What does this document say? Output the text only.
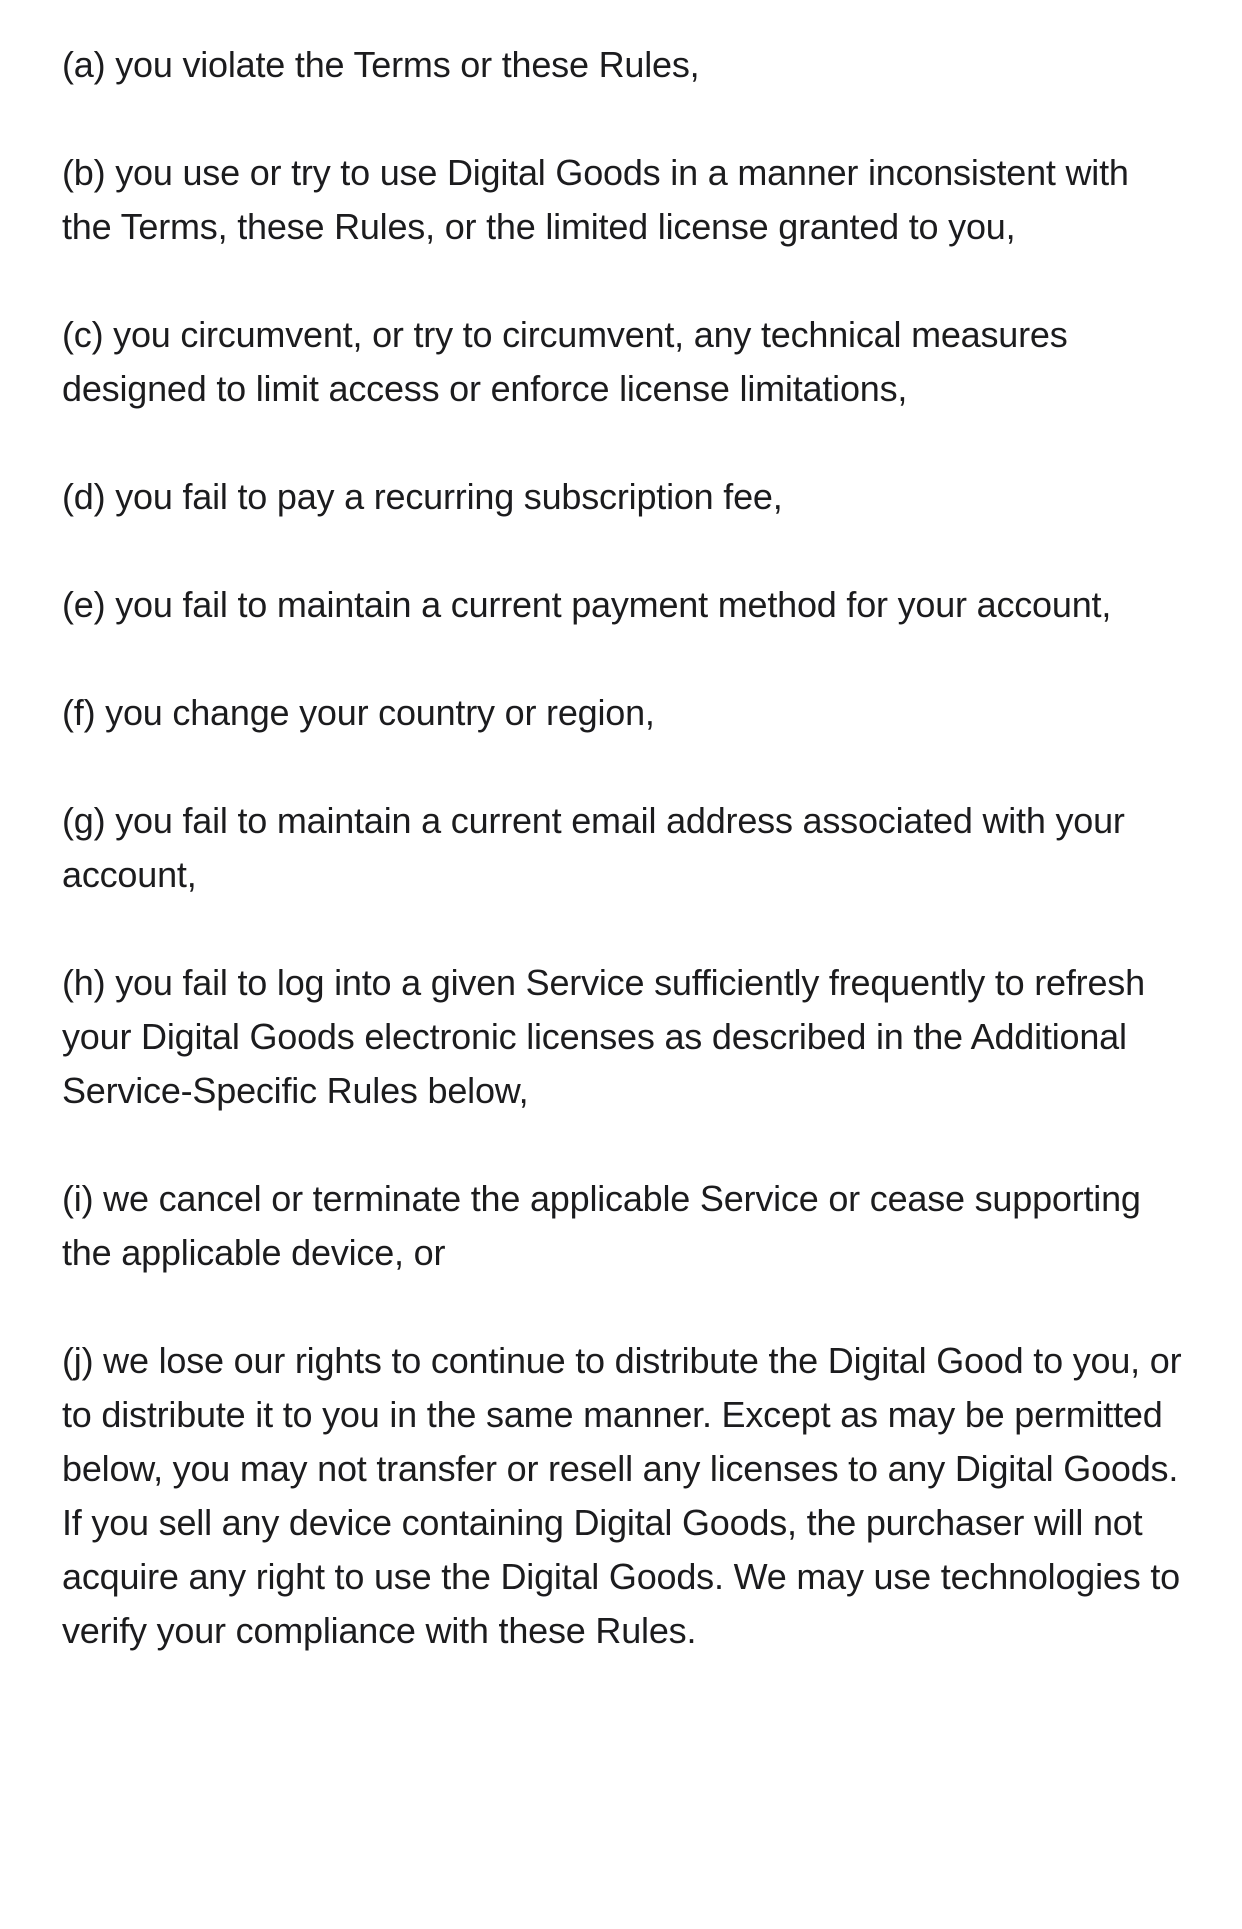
(a) you violate the Terms or these Rules,

(b) you use or try to use Digital Goods in a manner inconsistent with the Terms, these Rules, or the limited license granted to you,

(c) you circumvent, or try to circumvent, any technical measures designed to limit access or enforce license limitations,

(d) you fail to pay a recurring subscription fee,

(e) you fail to maintain a current payment method for your account,

(f) you change your country or region,

(g) you fail to maintain a current email address associated with your account,

(h) you fail to log into a given Service sufficiently frequently to refresh your Digital Goods electronic licenses as described in the Additional Service-Specific Rules below,

(i) we cancel or terminate the applicable Service or cease supporting the applicable device, or

(j) we lose our rights to continue to distribute the Digital Good to you, or to distribute it to you in the same manner. Except as may be permitted below, you may not transfer or resell any licenses to any Digital Goods. If you sell any device containing Digital Goods, the purchaser will not acquire any right to use the Digital Goods. We may use technologies to verify your compliance with these Rules.
